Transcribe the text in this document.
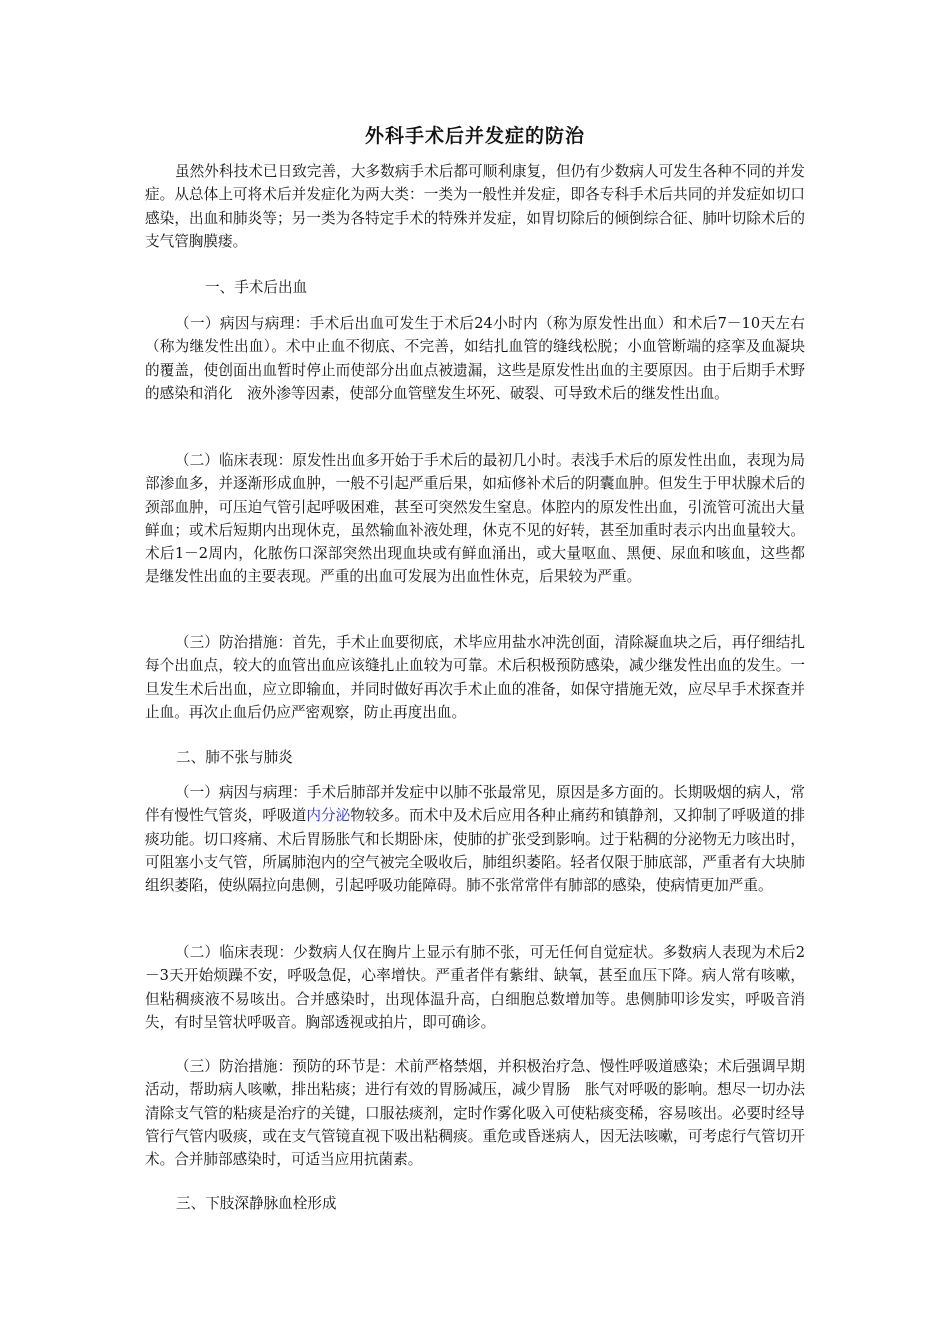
外科手术后并发症的防治

虽然外科技术已日致完善，大多数病手术后都可顺利康复，但仍有少数病人可发生各种不同的并发症。从总体上可将术后并发症化为两大类：一类为一般性并发症，即各专科手术后共同的并发症如切口感染，出血和肺炎等；另一类为各特定手术的特殊并发症，如胃切除后的倾倒综合征、肺叶切除术后的支气管胸膜瘘。

一、手术后出血

（一）病因与病理：手术后出血可发生于术后24小时内（称为原发性出血）和术后7－10天左右（称为继发性出血）。术中止血不彻底、不完善，如结扎血管的缝线松脱；小血管断端的痉挛及血凝块的覆盖，使创面出血暂时停止而使部分出血点被遗漏，这些是原发性出血的主要原因。由于后期手术野的感染和消化　液外渗等因素，使部分血管壁发生坏死、破裂、可导致术后的继发性出血。

（二）临床表现：原发性出血多开始于手术后的最初几小时。表浅手术后的原发性出血，表现为局部渗血多，并逐渐形成血肿，一般不引起严重后果，如疝修补术后的阴囊血肿。但发生于甲状腺术后的颈部血肿，可压迫气管引起呼吸困难，甚至可突然发生窒息。体腔内的原发性出血，引流管可流出大量鲜血；或术后短期内出现休克，虽然输血补液处理，休克不见的好转，甚至加重时表示内出血量较大。术后1－2周内，化脓伤口深部突然出现血块或有鲜血涌出，或大量呕血、黑便、尿血和咳血，这些都是继发性出血的主要表现。严重的出血可发展为出血性休克，后果较为严重。

（三）防治措施：首先，手术止血要彻底，术毕应用盐水冲洗创面，清除凝血块之后，再仔细结扎每个出血点，较大的血管出血应该缝扎止血较为可靠。术后积极预防感染，减少继发性出血的发生。一旦发生术后出血，应立即输血，并同时做好再次手术止血的准备，如保守措施无效，应尽早手术探查并止血。再次止血后仍应严密观察，防止再度出血。

二、肺不张与肺炎

（一）病因与病理：手术后肺部并发症中以肺不张最常见，原因是多方面的。长期吸烟的病人，常伴有慢性气管炎，呼吸道内分泌物较多。而术中及术后应用各种止痛药和镇静剂，又抑制了呼吸道的排痰功能。切口疼痛、术后胃肠胀气和长期卧床，使肺的扩张受到影响。过于粘稠的分泌物无力咳出时，可阻塞小支气管，所属肺泡内的空气被完全吸收后，肺组织萎陷。轻者仅限于肺底部，严重者有大块肺组织萎陷，使纵隔拉向患侧，引起呼吸功能障碍。肺不张常常伴有肺部的感染，使病情更加严重。

（二）临床表现：少数病人仅在胸片上显示有肺不张，可无任何自觉症状。多数病人表现为术后2－3天开始烦躁不安，呼吸急促，心率增快。严重者伴有紫绀、缺氧，甚至血压下降。病人常有咳嗽，但粘稠痰液不易咳出。合并感染时，出现体温升高，白细胞总数增加等。患侧肺叩诊发实，呼吸音消失，有时呈管状呼吸音。胸部透视或拍片，即可确诊。

（三）防治措施：预防的环节是：术前严格禁烟，并积极治疗急、慢性呼吸道感染；术后强调早期活动，帮助病人咳嗽，排出粘痰；进行有效的胃肠减压，减少胃肠　胀气对呼吸的影响。想尽一切办法清除支气管的粘痰是治疗的关键，口服祛痰剂，定时作雾化吸入可使粘痰变稀，容易咳出。必要时经导管行气管内吸痰，或在支气管镜直视下吸出粘稠痰。重危或昏迷病人，因无法咳嗽，可考虑行气管切开术。合并肺部感染时，可适当应用抗菌素。

三、下肢深静脉血栓形成
